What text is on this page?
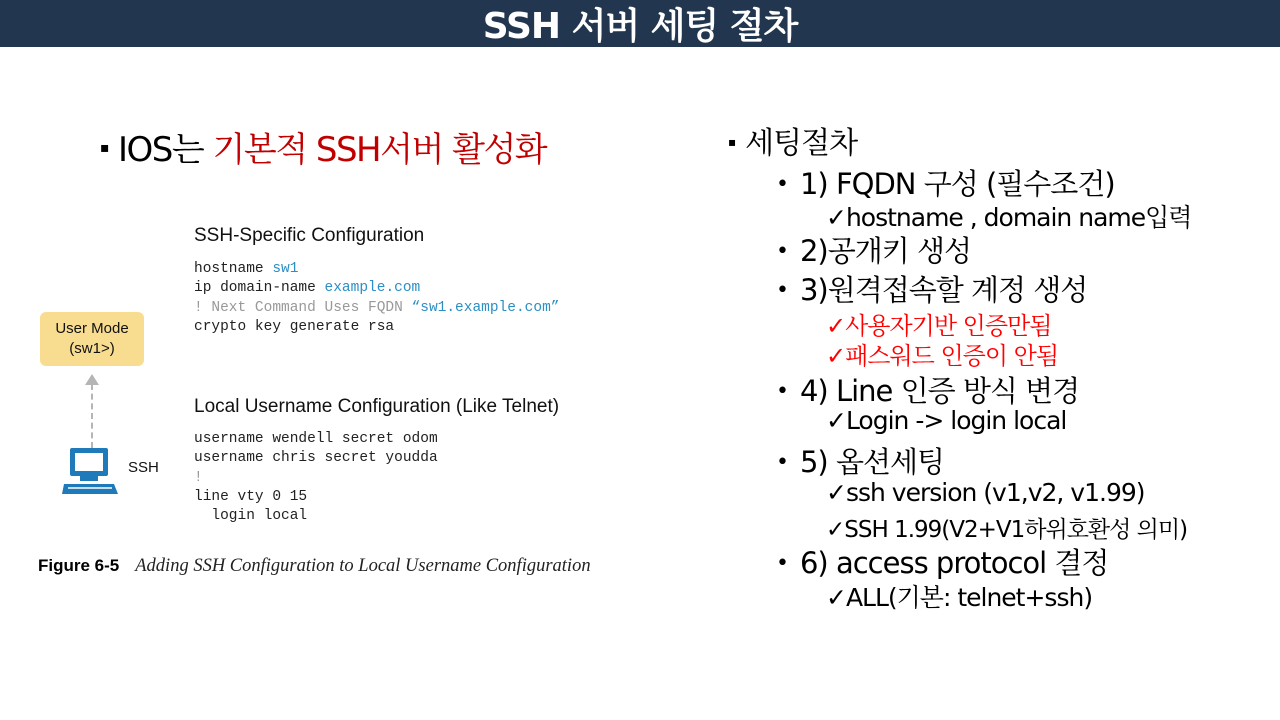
SSH 서버 세팅 절차
▪ IOS는 기본적 SSH서버 활성화
SSH-Specific Configuration
hostname sw1
ip domain-name example.com
! Next Command Uses FQDN “sw1.example.com”
crypto key generate rsa
Local Username Configuration (Like Telnet)
username wendell secret odom
username chris secret youdda
!
line vty 0 15
login local
User Mode
(sw1>)
SSH
Figure 6-5 Adding SSH Configuration to Local Username Configuration
▪ 세팅절차
• 1) FQDN 구성 (필수조건)
✓hostname , domain name입력
• 2)공개키 생성
• 3)원격접속할 계정 생성
✓사용자기반 인증만됨
✓패스워드 인증이 안됨
• 4) Line 인증 방식 변경
✓Login -> login local
• 5) 옵션세팅
✓ssh version (v1,v2, v1.99)
✓SSH 1.99(V2+V1하위호환성 의미)
• 6) access protocol 결정
✓ALL(기본: telnet+ssh)
